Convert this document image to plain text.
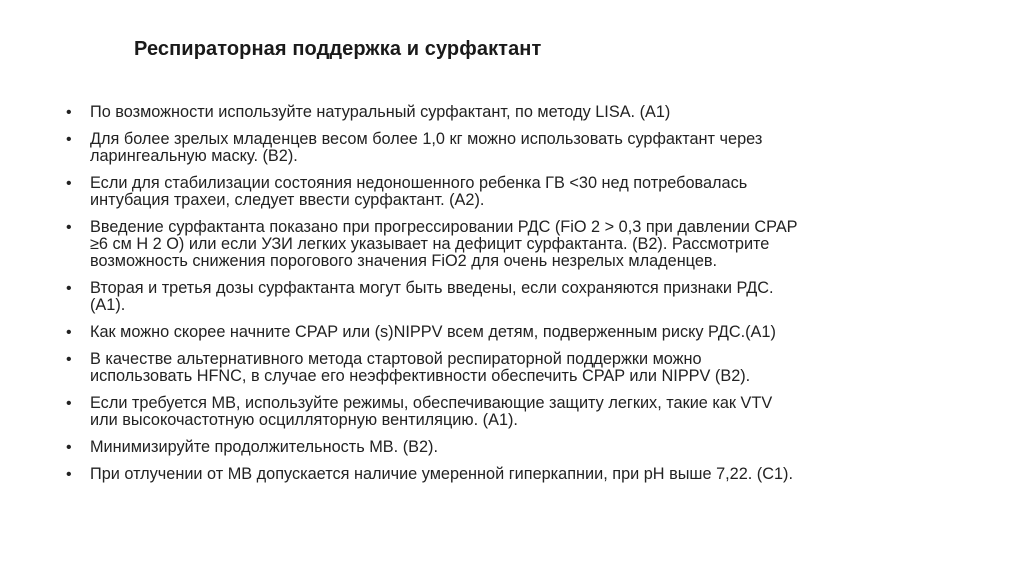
Респираторная поддержка и сурфактант
• По возможности используйте натуральный сурфактант, по методу LISA. (A1)
• Для более зрелых младенцев весом более 1,0 кг можно использовать сурфактант через
ларингеальную маску. (B2).
• Если для стабилизации состояния недоношенного ребенка ГВ <30 нед потребовалась
интубация трахеи, следует ввести сурфактант. (A2).
• Введение сурфактанта показано при прогрессировании РДС (FiO 2 > 0,3 при давлении CPAP
≥6 см H 2 O) или если УЗИ легких указывает на дефицит сурфактанта. (B2). Рассмотрите
возможность снижения порогового значения FiO2 для очень незрелых младенцев.
• Вторая и третья дозы сурфактанта могут быть введены, если сохраняются признаки РДС.
(A1).
• Как можно скорее начните CPAP или (s)NIPPV всем детям, подверженным риску РДС.(A1)
• В качестве альтернативного метода стартовой респираторной поддержки можно
использовать HFNC, в случае его неэффективности обеспечить CPAP или NIPPV (B2).
• Если требуется МВ, используйте режимы, обеспечивающие защиту легких, такие как VTV
или высокочастотную осцилляторную вентиляцию. (A1).
• Минимизируйте продолжительность МВ. (B2).
• При отлучении от МВ допускается наличие умеренной гиперкапнии, при pH выше 7,22. (C1).
